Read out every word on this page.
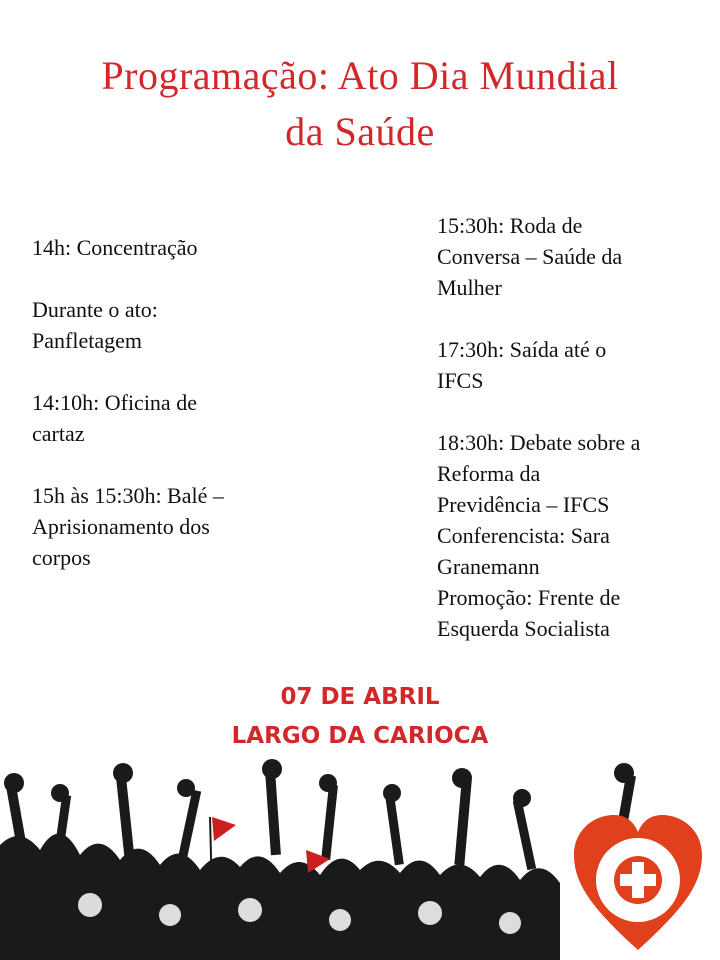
Programação: Ato Dia Mundial
da Saúde
14h: Concentração
Durante o ato:
Panfletagem
14:10h: Oficina de
cartaz
15h às 15:30h: Balé –
Aprisionamento dos
corpos
15:30h: Roda de
Conversa – Saúde da
Mulher
17:30h: Saída até o
IFCS
18:30h: Debate sobre a
Reforma da
Previdência – IFCS
Conferencista: Sara
Granemann
Promoção: Frente de
Esquerda Socialista
07 DE ABRIL
LARGO DA CARIOCA
